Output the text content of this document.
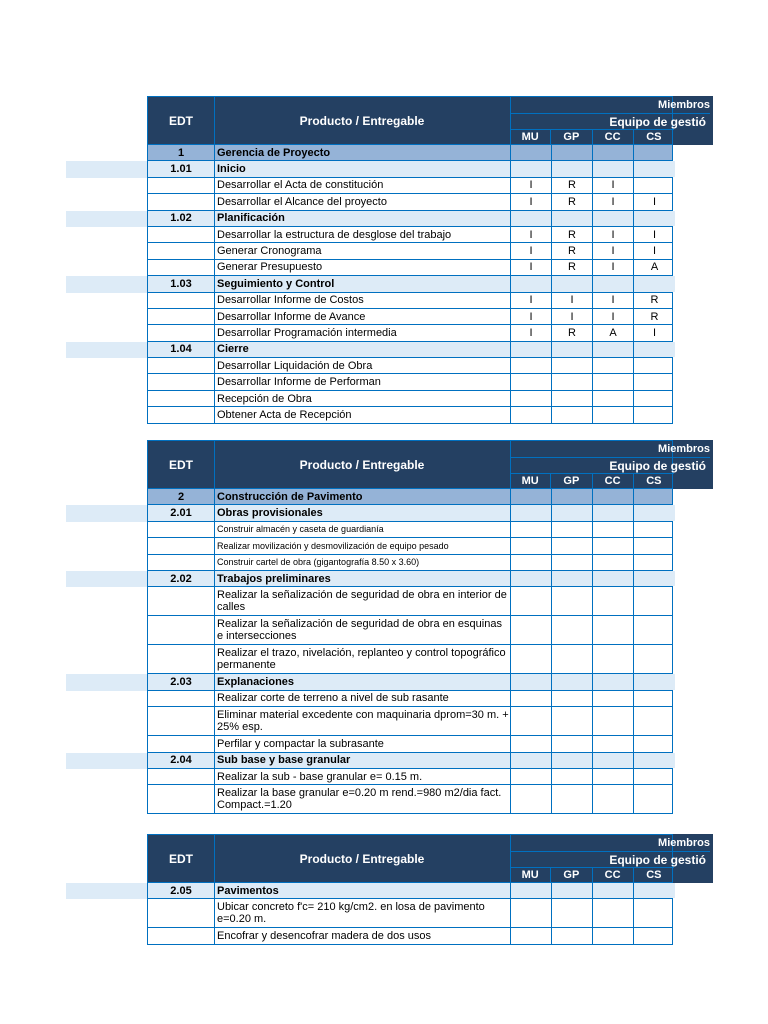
EDT	Producto / Entregable
Miembros
Equipo de gestió
MU	GP	CC	CS
1	Gerencia de Proyecto
1.01	Inicio
Desarrollar el Acta de constitución	I	R	I
Desarrollar el Alcance del proyecto	I	R	I	I
1.02	Planificación
Desarrollar la estructura de desglose del trabajo	I	R	I	I
Generar Cronograma	I	R	I	I
Generar Presupuesto	I	R	I	A
1.03	Seguimiento y Control
Desarrollar Informe de Costos	I	I	I	R
Desarrollar Informe de Avance	I	I	I	R
Desarrollar Programación intermedia	I	R	A	I
1.04	Cierre
Desarrollar Liquidación de Obra
Desarrollar Informe de Performan
Recepción de Obra
Obtener Acta de Recepción
EDT	Producto / Entregable
Miembros
Equipo de gestió
MU	GP	CC	CS
2	Construcción de Pavimento
2.01	Obras provisionales
Construir almacén y caseta de guardianía
Realizar movilización y desmovilización de equipo pesado
Construir cartel de obra (gigantografía 8.50 x 3.60)
2.02	Trabajos preliminares
Realizar la señalización de seguridad de obra en interior de calles
Realizar la señalización de seguridad de obra en esquinas e intersecciones
Realizar el trazo, nivelación, replanteo y control topográfico permanente
2.03	Explanaciones
Realizar corte de terreno a nivel de sub rasante
Eliminar material excedente con maquinaria dprom=30 m. + 25% esp.
Perfilar y compactar la subrasante
2.04	Sub base y base granular
Realizar la sub - base granular e= 0.15 m.
Realizar la base granular e=0.20 m rend.=980 m2/dia fact. Compact.=1.20
EDT	Producto / Entregable
Miembros
Equipo de gestió
MU	GP	CC	CS
2.05	Pavimentos
Ubicar concreto f'c= 210 kg/cm2. en losa de pavimento e=0.20 m.
Encofrar y desencofrar madera de dos usos
